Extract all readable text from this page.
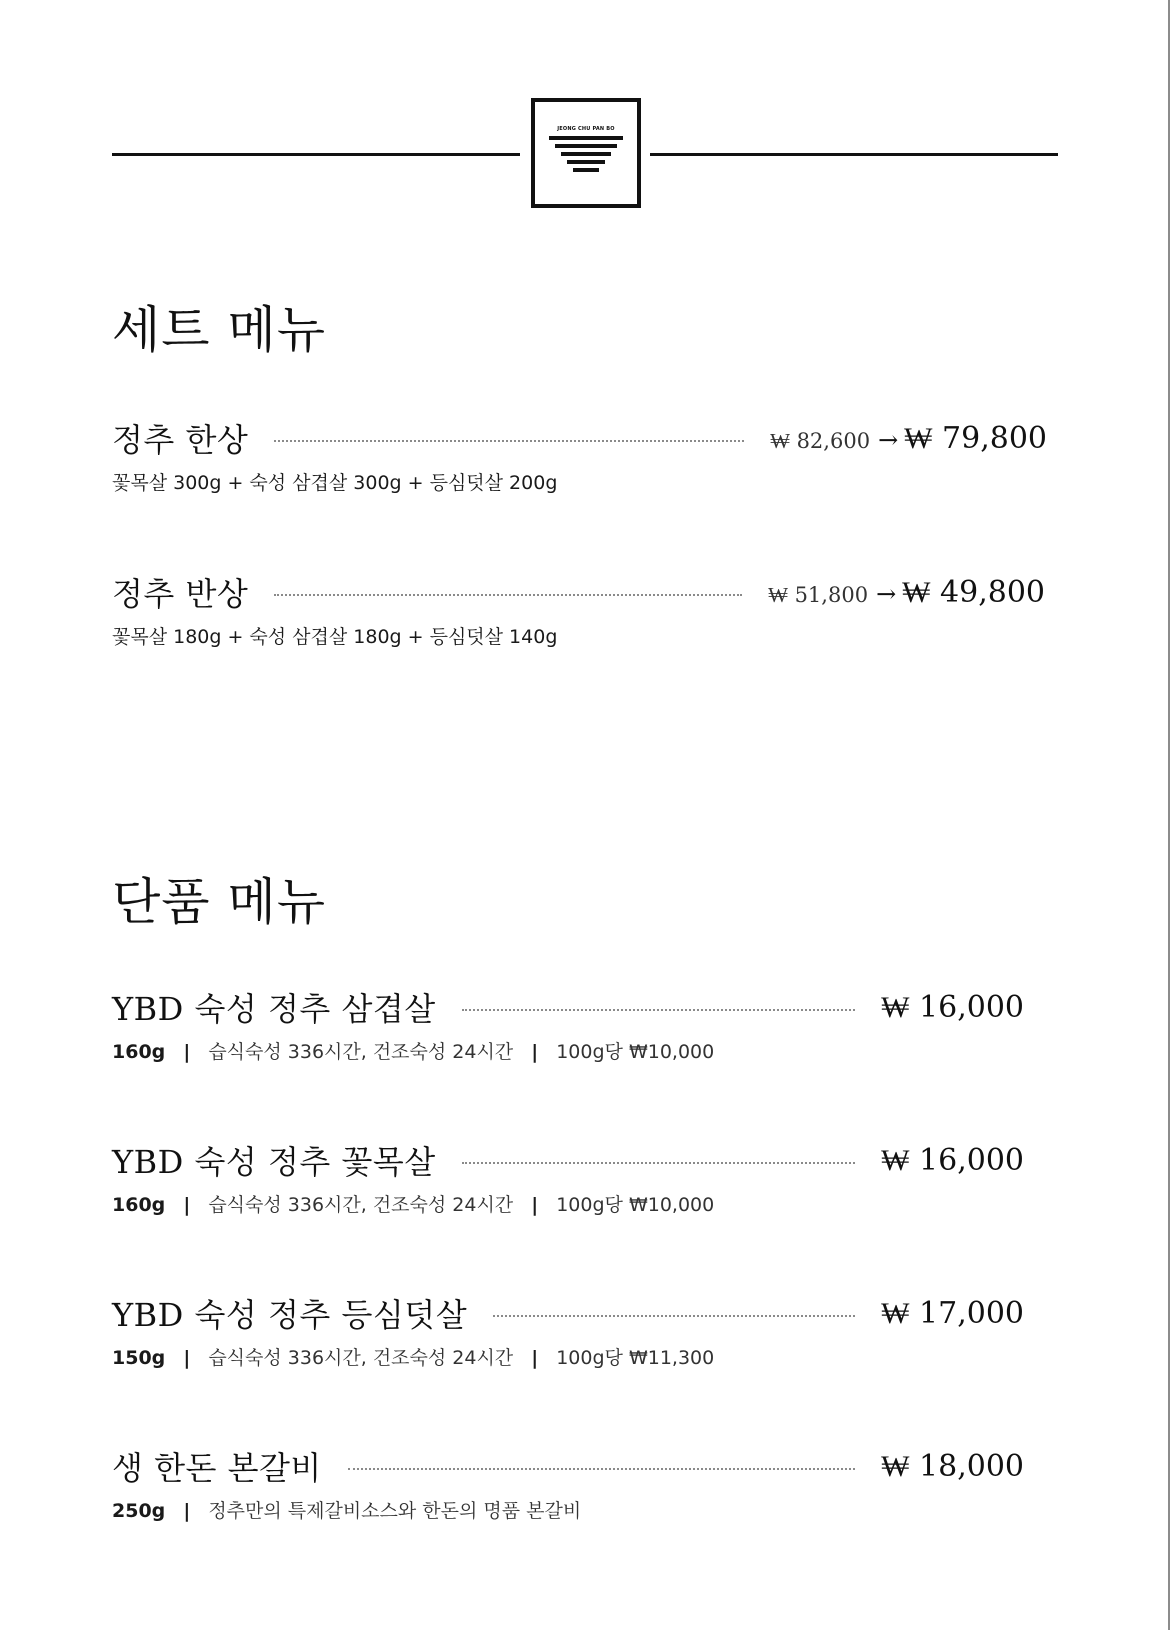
JEONG CHU PAN BO
세트 메뉴
정추 한상	₩ 82,600 → ₩ 79,800
꽃목살 300g + 숙성 삼겹살 300g + 등심덧살 200g
정추 반상	₩ 51,800 → ₩ 49,800
꽃목살 180g + 숙성 삼겹살 180g + 등심덧살 140g
단품 메뉴
YBD 숙성 정추 삼겹살	₩ 16,000
160g | 습식숙성 336시간, 건조숙성 24시간 | 100g당 ₩10,000
YBD 숙성 정추 꽃목살	₩ 16,000
160g | 습식숙성 336시간, 건조숙성 24시간 | 100g당 ₩10,000
YBD 숙성 정추 등심덧살	₩ 17,000
150g | 습식숙성 336시간, 건조숙성 24시간 | 100g당 ₩11,300
생 한돈 본갈비	₩ 18,000
250g | 정추만의 특제갈비소스와 한돈의 명품 본갈비
